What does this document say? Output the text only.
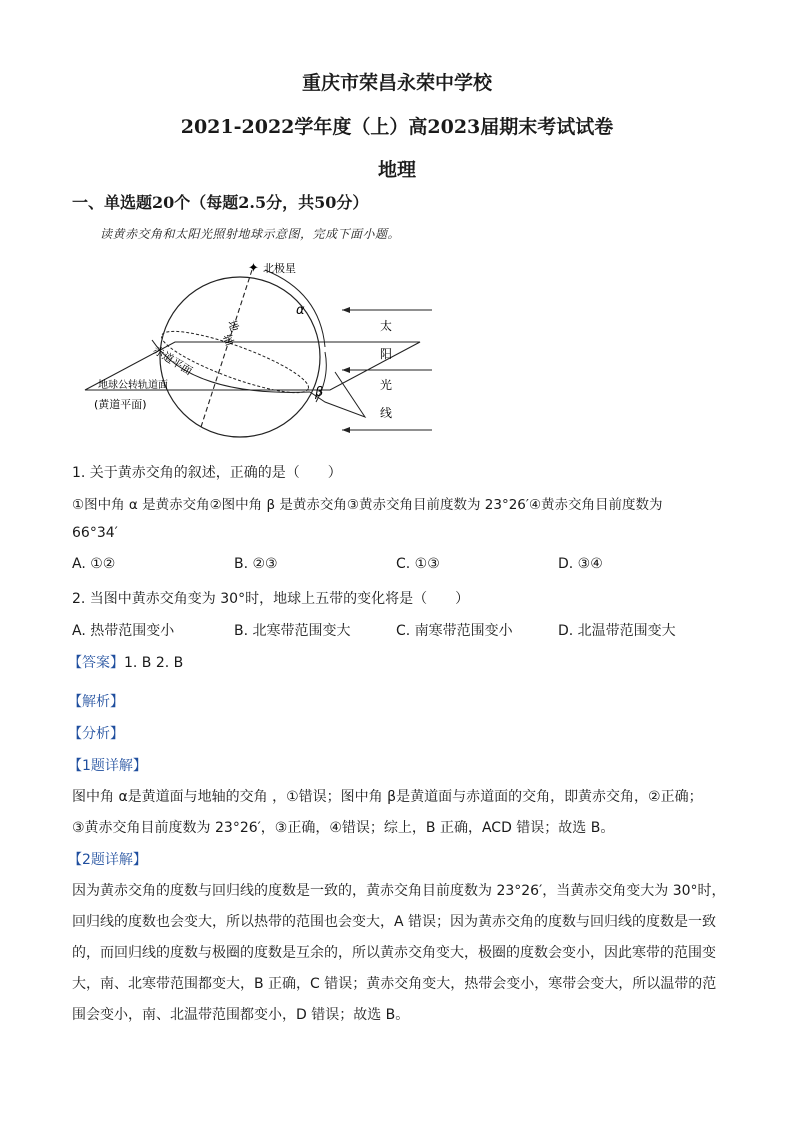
重庆市荣昌永荣中学校
2021-2022学年度（上）高2023届期末考试试卷
地理
一、单选题20个（每题2.5分，共50分）
读黄赤交角和太阳光照射地球示意图，完成下面小题。
✦ 北极星
α
β
地
轴
赤道平面
地球公转轨道面
(黄道平面)
太
阳
光
线
1. 关于黄赤交角的叙述，正确的是（　　）
①图中角 α 是黄赤交角②图中角 β 是黄赤交角③黄赤交角目前度数为 23°26′④黄赤交角目前度数为
66°34′
A. ①②	B. ②③	C. ①③	D. ③④
2. 当图中黄赤交角变为 30°时，地球上五带的变化将是（　　）
A. 热带范围变小	B. 北寒带范围变大	C. 南寒带范围变小	D. 北温带范围变大
【答案】1. B 2. B
【解析】
【分析】
【1题详解】
图中角 α是黄道面与地轴的交角 ，①错误；图中角 β是黄道面与赤道面的交角，即黄赤交角，②正确；
③黄赤交角目前度数为 23°26′，③正确，④错误；综上，B 正确，ACD 错误；故选 B。
【2题详解】
因为黄赤交角的度数与回归线的度数是一致的，黄赤交角目前度数为 23°26′，当黄赤交角变大为 30°时，
回归线的度数也会变大，所以热带的范围也会变大，A 错误；因为黄赤交角的度数与回归线的度数是一致
的，而回归线的度数与极圈的度数是互余的，所以黄赤交角变大，极圈的度数会变小，因此寒带的范围变
大，南、北寒带范围都变大，B 正确，C 错误；黄赤交角变大，热带会变小，寒带会变大，所以温带的范
围会变小，南、北温带范围都变小，D 错误；故选 B。
